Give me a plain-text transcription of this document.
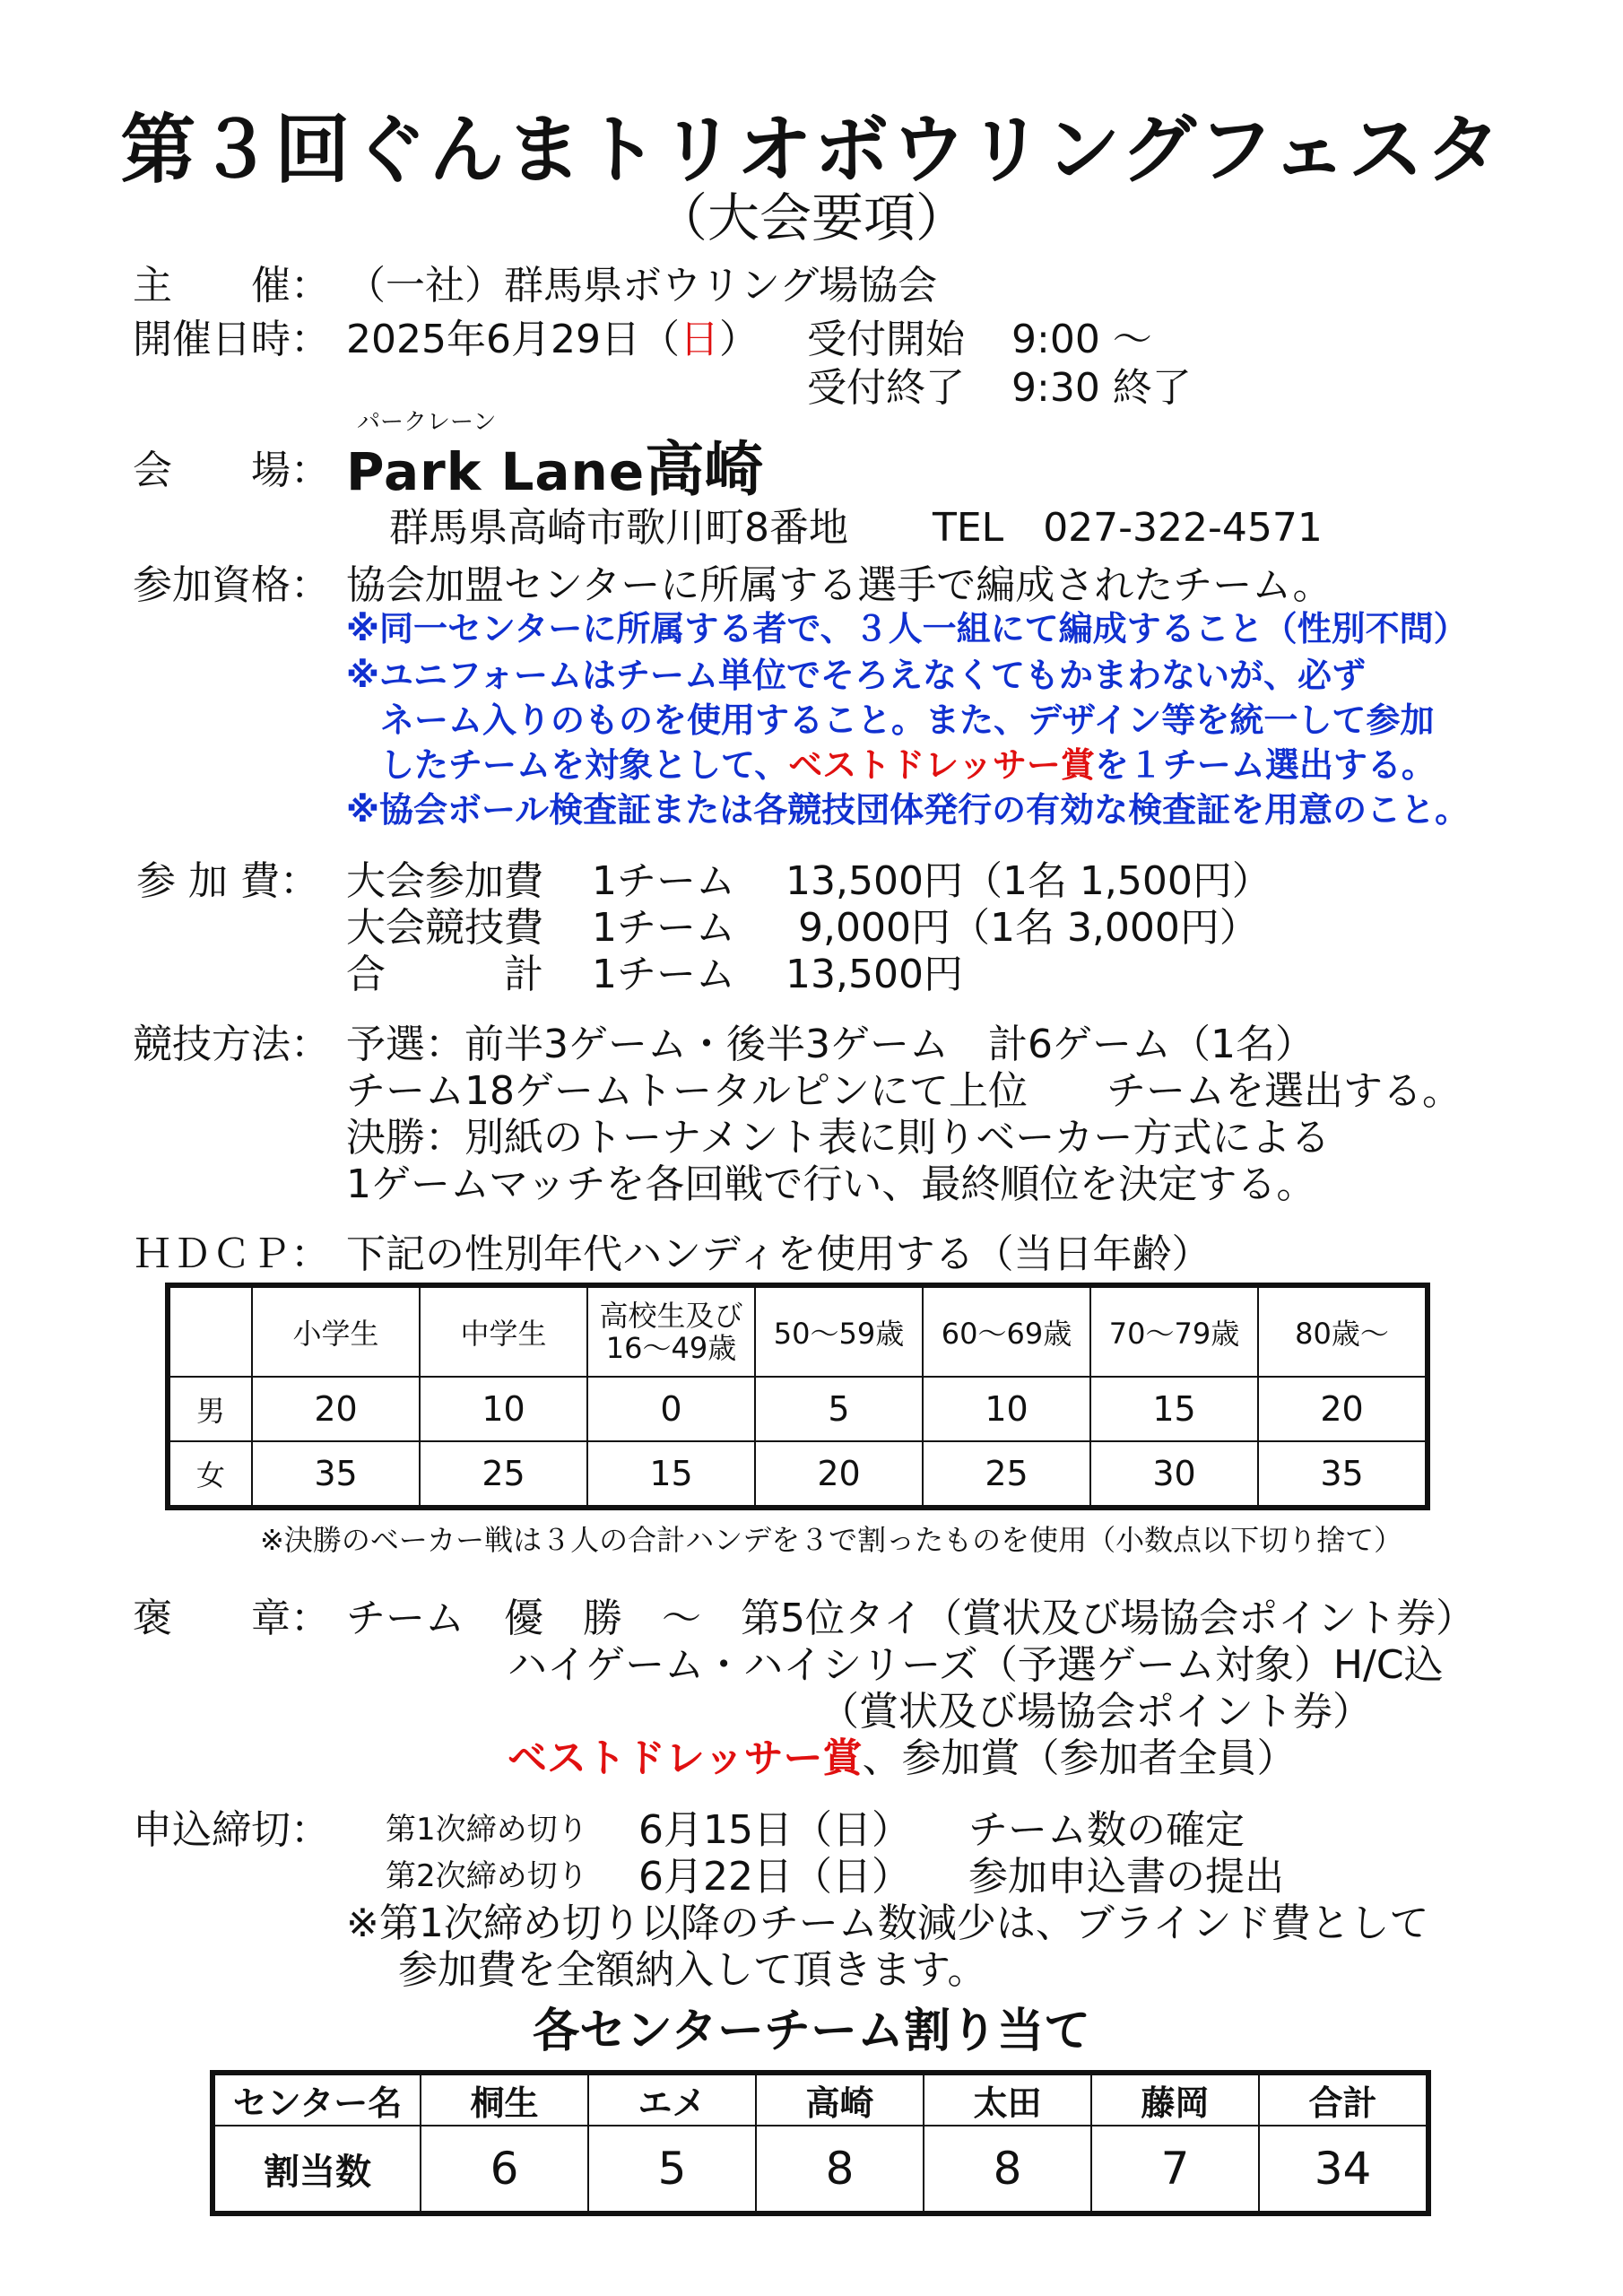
第３回ぐんまトリオボウリングフェスタ
（大会要項）
主　　催： （一社）群馬県ボウリング場協会
開催日時： 2025年6月29日（日） 受付開始 9:00 ～
受付終了 9:30 終了
パークレーン
会　　場： Park Lane高崎
群馬県高崎市歌川町8番地 TEL　027-322-4571
参加資格： 協会加盟センターに所属する選手で編成されたチーム。
※同一センターに所属する者で、３人一組にて編成すること（性別不問）
※ユニフォームはチーム単位でそろえなくてもかまわないが、必ず
ネーム入りのものを使用すること。また、デザイン等を統一して参加
したチームを対象として、ベストドレッサー賞を１チーム選出する。
※協会ボール検査証または各競技団体発行の有効な検査証を用意のこと。
参 加 費： 大会参加費 1チーム 13,500円（1名 1,500円）
大会競技費 1チーム 9,000円（1名 3,000円）
合　　　計 1チーム 13,500円
競技方法： 予選：前半3ゲーム・後半3ゲーム　計6ゲーム（1名）
チーム18ゲームトータルピンにて上位　　チームを選出する。
決勝：別紙のトーナメント表に則りベーカー方式による
1ゲームマッチを各回戦で行い、最終順位を決定する。
ＨＤＣＰ： 下記の性別年代ハンディを使用する（当日年齢）
	小学生	中学生	高校生及び
16～49歳	50～59歳	60～69歳	70～79歳	80歳～
男	20	10	0	5	10	15	20
女	35	25	15	20	25	30	35
※決勝のベーカー戦は３人の合計ハンデを３で割ったものを使用（小数点以下切り捨て）
褒　　章： チーム　優　勝　～　第5位タイ（賞状及び場協会ポイント券）
ハイゲーム・ハイシリーズ（予選ゲーム対象）H/C込
（賞状及び場協会ポイント券）
ベストドレッサー賞、参加賞（参加者全員）
申込締切： 第1次締め切り 6月15日（日） チーム数の確定
第2次締め切り 6月22日（日） 参加申込書の提出
※第1次締め切り以降のチーム数減少は、ブラインド費として
参加費を全額納入して頂きます。
各センターチーム割り当て
センター名	桐生	エメ	高崎	太田	藤岡	合計
割当数	6	5	8	8	7	34
